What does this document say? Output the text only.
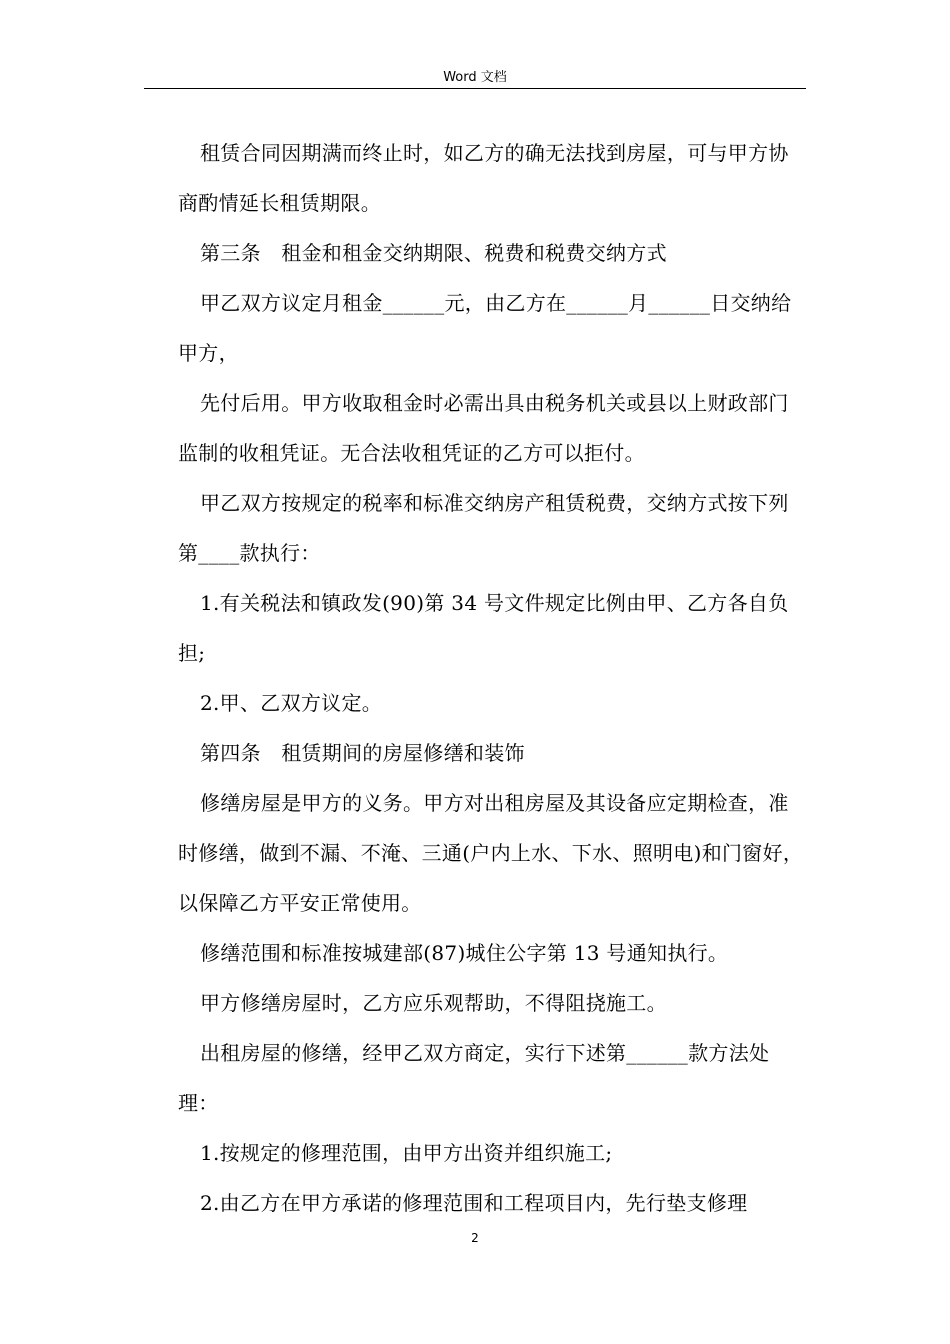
Word 文档

租赁合同因期满而终止时，如乙方的确无法找到房屋，可与甲方协商酌情延长租赁期限。

第三条　租金和租金交纳期限、税费和税费交纳方式

甲乙双方议定月租金______元，由乙方在______月______日交纳给甲方，

先付后用。甲方收取租金时必需出具由税务机关或县以上财政部门监制的收租凭证。无合法收租凭证的乙方可以拒付。

甲乙双方按规定的税率和标准交纳房产租赁税费，交纳方式按下列第____款执行：

1.有关税法和镇政发(90)第 34 号文件规定比例由甲、乙方各自负担;

2.甲、乙双方议定。

第四条　租赁期间的房屋修缮和装饰

修缮房屋是甲方的义务。甲方对出租房屋及其设备应定期检查，准时修缮，做到不漏、不淹、三通(户内上水、下水、照明电)和门窗好，以保障乙方平安正常使用。

修缮范围和标准按城建部(87)城住公字第 13 号通知执行。

甲方修缮房屋时，乙方应乐观帮助，不得阻挠施工。

出租房屋的修缮，经甲乙双方商定，实行下述第______款方法处理：

1.按规定的修理范围，由甲方出资并组织施工;

2.由乙方在甲方承诺的修理范围和工程项目内，先行垫支修理

2
